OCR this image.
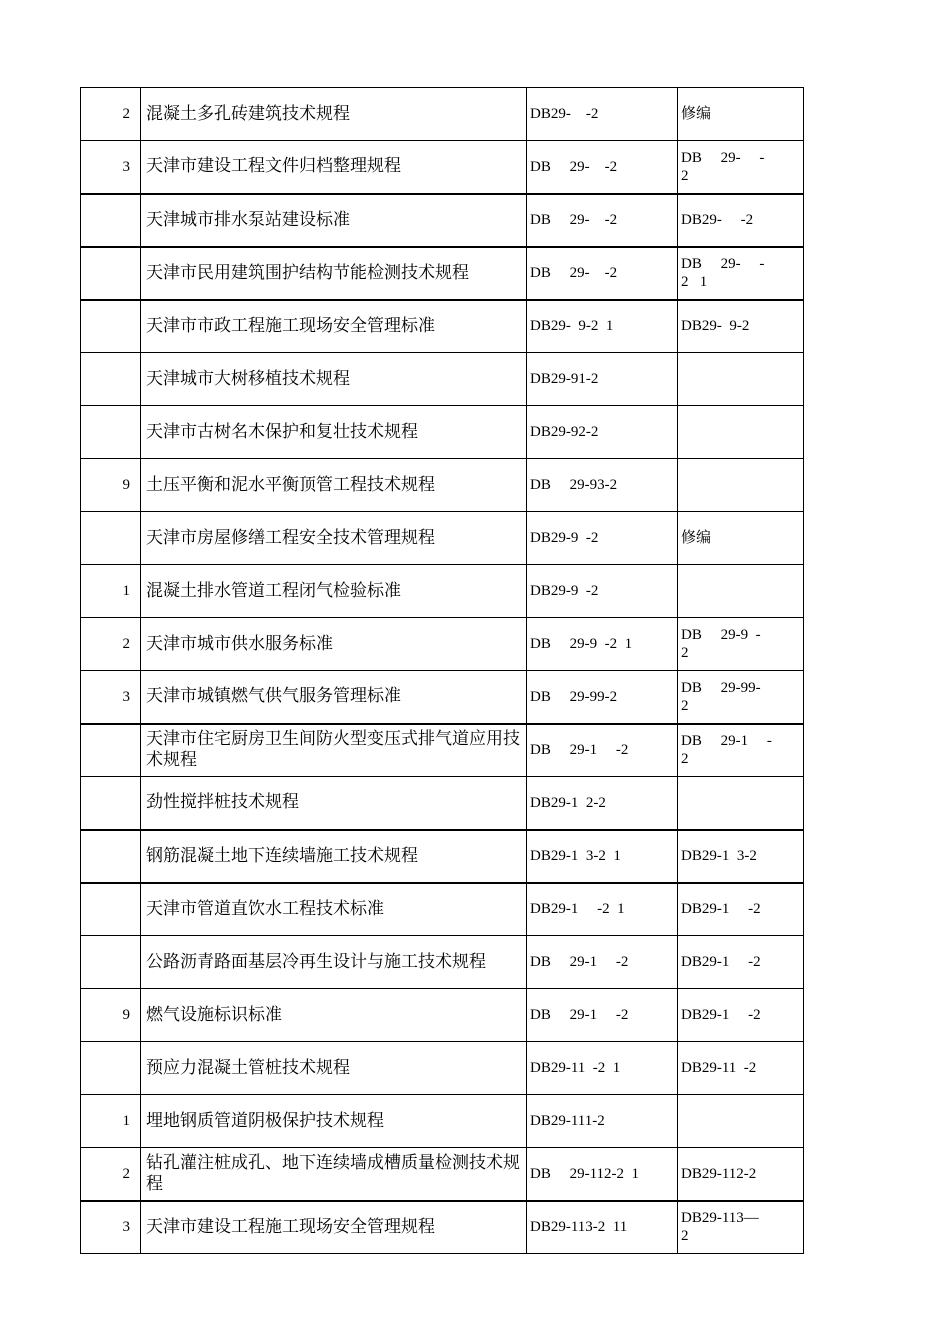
2	混凝土多孔砖建筑技术规程	DB29-    -2	修编
3	天津市建设工程文件归档整理规程	DB     29-    -2	DB     29-     -
2
	天津城市排水泵站建设标准	DB     29-    -2	DB29-     -2
	天津市民用建筑围护结构节能检测技术规程	DB     29-    -2	DB     29-     -
2   1
	天津市市政工程施工现场安全管理标准	DB29-  9-2  1	DB29-  9-2
	天津城市大树移植技术规程	DB29-91-2	
	天津市古树名木保护和复壮技术规程	DB29-92-2	
9	土压平衡和泥水平衡顶管工程技术规程	DB     29-93-2	
	天津市房屋修缮工程安全技术管理规程	DB29-9  -2	修编
1	混凝土排水管道工程闭气检验标准	DB29-9  -2	
2	天津市城市供水服务标准	DB     29-9  -2  1	DB     29-9  -
2
3	天津市城镇燃气供气服务管理标准	DB     29-99-2	DB     29-99-
2
	天津市住宅厨房卫生间防火型变压式排气道应用技术规程	DB     29-1     -2	DB     29-1     -
2
	劲性搅拌桩技术规程	DB29-1  2-2	
	钢筋混凝土地下连续墙施工技术规程	DB29-1  3-2  1	DB29-1  3-2
	天津市管道直饮水工程技术标准	DB29-1     -2  1	DB29-1     -2
	公路沥青路面基层冷再生设计与施工技术规程	DB     29-1     -2	DB29-1     -2
9	燃气设施标识标准	DB     29-1     -2	DB29-1     -2
	预应力混凝土管桩技术规程	DB29-11  -2  1	DB29-11  -2
1	埋地钢质管道阴极保护技术规程	DB29-111-2	
2	钻孔灌注桩成孔、地下连续墙成槽质量检测技术规程	DB     29-112-2  1	DB29-112-2
3	天津市建设工程施工现场安全管理规程	DB29-113-2  11	DB29-113—
2
